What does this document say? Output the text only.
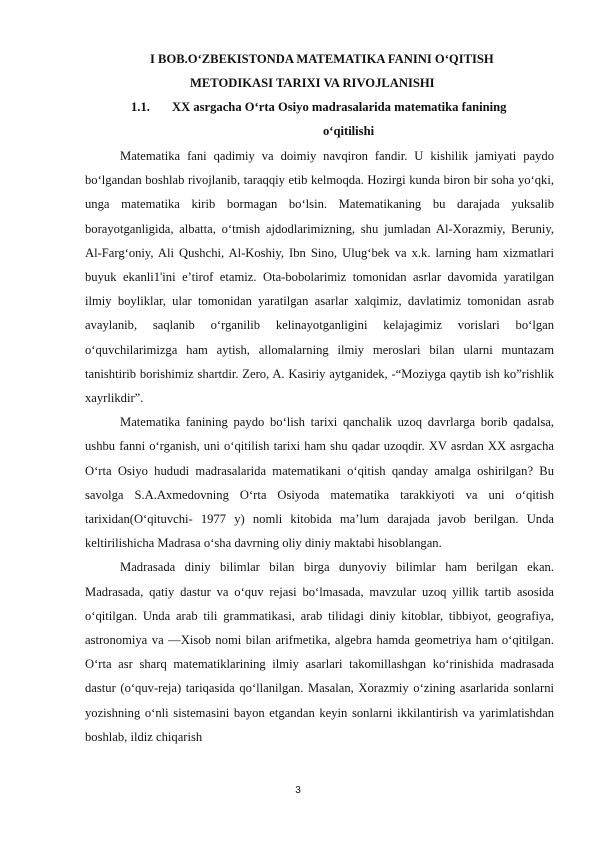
I BOB.O‘ZBEKISTONDA MATEMATIKA FANINI O‘QITISH
METODIKASI TARIXI VA RIVOJLANISHI
1.1. XX asrgacha O‘rta Osiyo madrasalarida matematika fanining
o‘qitilishi

Matematika fani qadimiy va doimiy navqiron fandir. U kishilik jamiyati paydo bo‘lgandan boshlab rivojlanib, taraqqiy etib kelmoqda. Hozirgi kunda biron bir soha yo‘qki, unga matematika kirib bormagan bo‘lsin. Matematikaning bu darajada yuksalib borayotganligida, albatta, o‘tmish ajdodlarimizning, shu jumladan Al-Xorazmiy, Beruniy, Al-Farg‘oniy, Ali Qushchi, Al-Koshiy, Ibn Sino, Ulug‘bek va x.k. larning ham xizmatlari buyuk ekanli1'ini e’tirof etamiz. Ota-bobolarimiz tomonidan asrlar davomida yaratilgan ilmiy boyliklar, ular tomonidan yaratilgan asarlar xalqimiz, davlatimiz tomonidan asrab avaylanib, saqlanib o‘rganilib kelinayotganligini kelajagimiz vorislari bo‘lgan o‘quvchilarimizga ham aytish, allomalarning ilmiy meroslari bilan ularni muntazam tanishtirib borishimiz shartdir. Zero, A. Kasiriy aytganidek, -“Moziyga qaytib ish ko”rishlik xayrlikdir”.

Matematika fanining paydo bo‘lish tarixi qanchalik uzoq davrlarga borib qadalsa, ushbu fanni o‘rganish, uni o‘qitilish tarixi ham shu qadar uzoqdir. XV asrdan XX asrgacha O‘rta Osiyo hududi madrasalarida matematikani o‘qitish qanday amalga oshirilgan? Bu savolga S.A.Axmedovning O‘rta Osiyoda matematika tarakkiyoti va uni o‘qitish tarixidan(O‘qituvchi- 1977 y) nomli kitobida ma’lum darajada javob berilgan. Unda keltirilishicha Madrasa o‘sha davrning oliy diniy maktabi hisoblangan.

Madrasada diniy bilimlar bilan birga dunyoviy bilimlar ham berilgan ekan. Madrasada, qatiy dastur va o‘quv rejasi bo‘lmasada, mavzular uzoq yillik tartib asosida o‘qitilgan. Unda arab tili grammatikasi, arab tilidagi diniy kitoblar, tibbiyot, geografiya, astronomiya va ―Xisob nomi bilan arifmetika, algebra hamda geometriya ham o‘qitilgan. O‘rta asr sharq matematiklarining ilmiy asarlari takomillashgan ko‘rinishida madrasada dastur (o‘quv-reja) tariqasida qo‘llanilgan. Masalan, Xorazmiy o‘zining asarlarida sonlarni yozishning o‘nli sistemasini bayon etgandan keyin sonlarni ikkilantirish va yarimlatishdan boshlab, ildiz chiqarish

3
